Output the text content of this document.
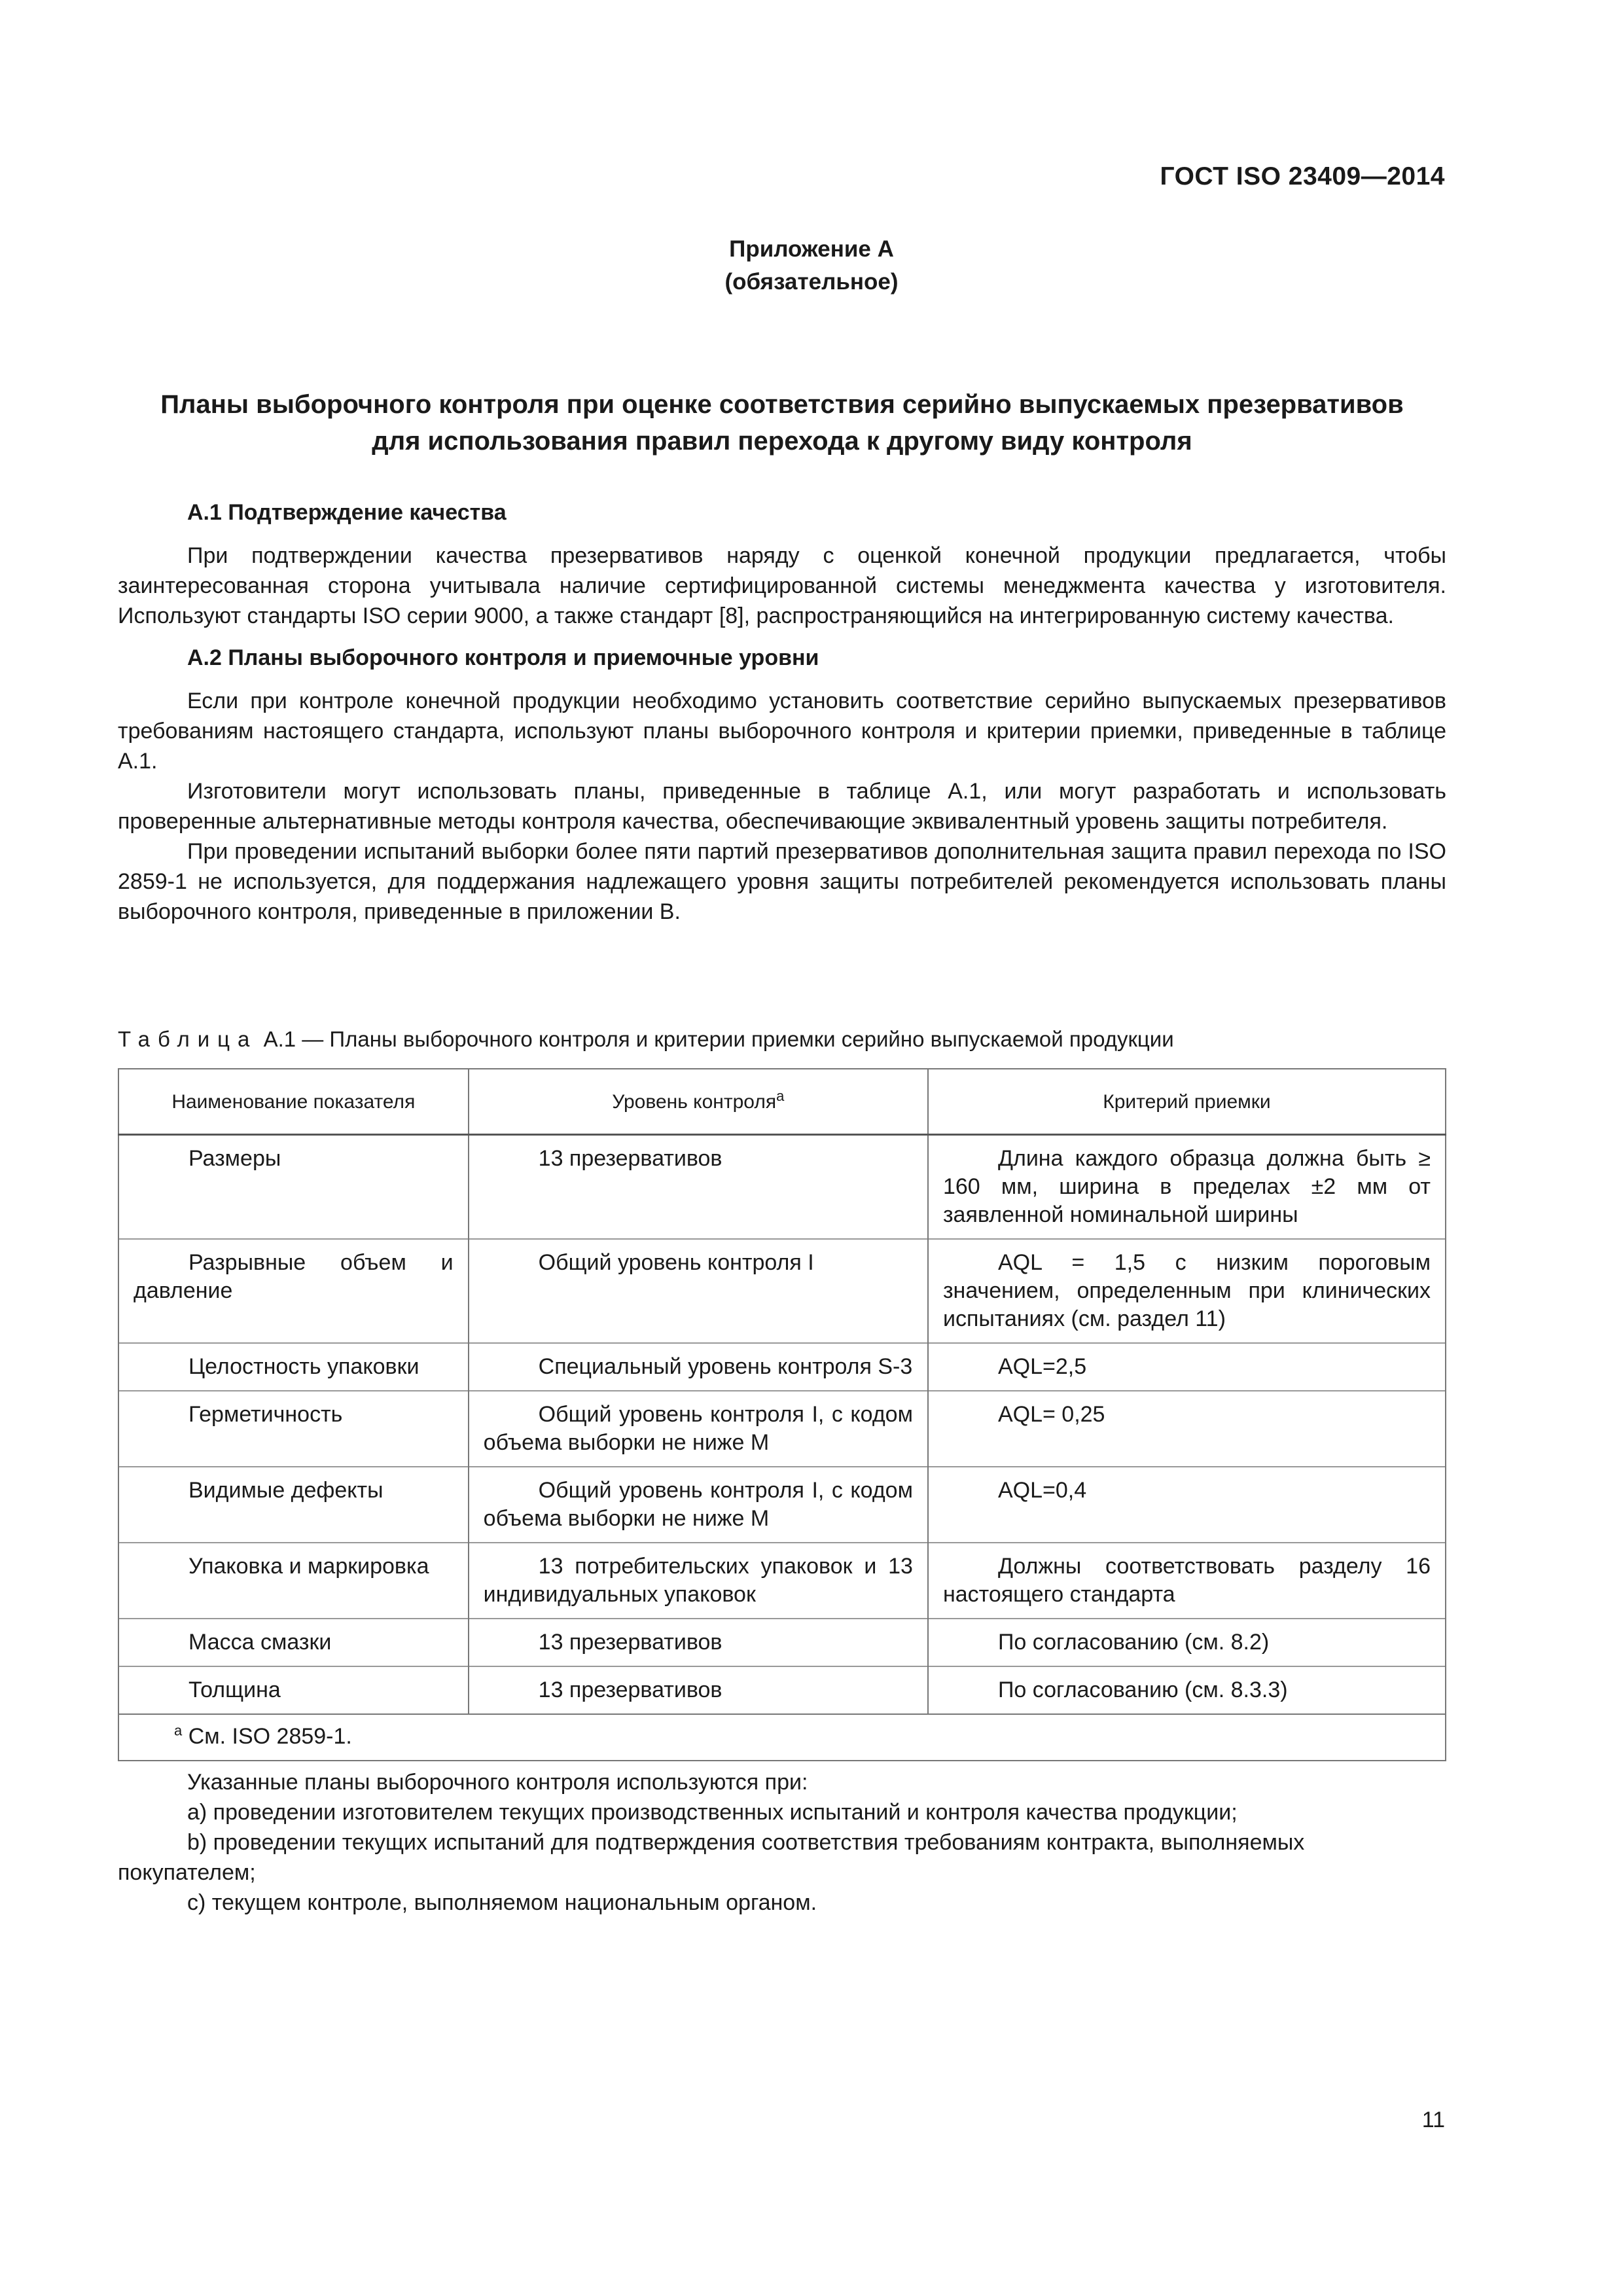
ГОСТ ISO 23409—2014
Приложение А
(обязательное)
Планы выборочного контроля при оценке соответствия серийно выпускаемых презервативов
для использования правил перехода к другому виду контроля
А.1 Подтверждение качества

При подтверждении качества презервативов наряду с оценкой конечной продукции предлагается, чтобы заинтересованная сторона учитывала наличие сертифицированной системы менеджмента качества у изготовителя. Используют стандарты ISO серии 9000, а также стандарт [8], распространяющийся на интегрированную систему качества.

А.2 Планы выборочного контроля и приемочные уровни

Если при контроле конечной продукции необходимо установить соответствие серийно выпускаемых презервативов требованиям настоящего стандарта, используют планы выборочного контроля и критерии приемки, приведенные в таблице А.1.

Изготовители могут использовать планы, приведенные в таблице А.1, или могут разработать и использовать проверенные альтернативные методы контроля качества, обеспечивающие эквивалентный уровень защиты потребителя.

При проведении испытаний выборки более пяти партий презервативов дополнительная защита правил перехода по ISO 2859-1 не используется, для поддержания надлежащего уровня защиты потребителей рекомендуется использовать планы выборочного контроля, приведенные в приложении В.

Таблица А.1 — Планы выборочного контроля и критерии приемки серийно выпускаемой продукции
Наименование показателя	Уровень контроля$^а$	Критерий приемки
Размеры	13 презервативов	Длина каждого образца должна быть ≥ 160 мм, ширина в пределах ±2 мм от заявленной номинальной ширины
Разрывные объем и давление	Общий уровень контроля I	AQL = 1,5 с низким пороговым значением, определенным при клинических испытаниях (см. раздел 11)
Целостность упаковки	Специальный уровень контроля S-3	AQL=2,5
Герметичность	Общий уровень контроля I, с кодом объема выборки не ниже М	AQL= 0,25
Видимые дефекты	Общий уровень контроля I, с кодом объема выборки не ниже М	AQL=0,4
Упаковка и маркировка	13 потребительских упаковок и 13 индивидуальных упаковок	Должны соответствовать разделу 16 настоящего стандарта
Масса смазки	13 презервативов	По согласованию (см. 8.2)
Толщина	13 презервативов	По согласованию (см. 8.3.3)
$^а$ См. ISO 2859-1.		

Указанные планы выборочного контроля используются при:

а) проведении изготовителем текущих производственных испытаний и контроля качества продукции;

b) проведении текущих испытаний для подтверждения соответствия требованиям контракта, выполняемых покупателем;

с) текущем контроле, выполняемом национальным органом.

11
